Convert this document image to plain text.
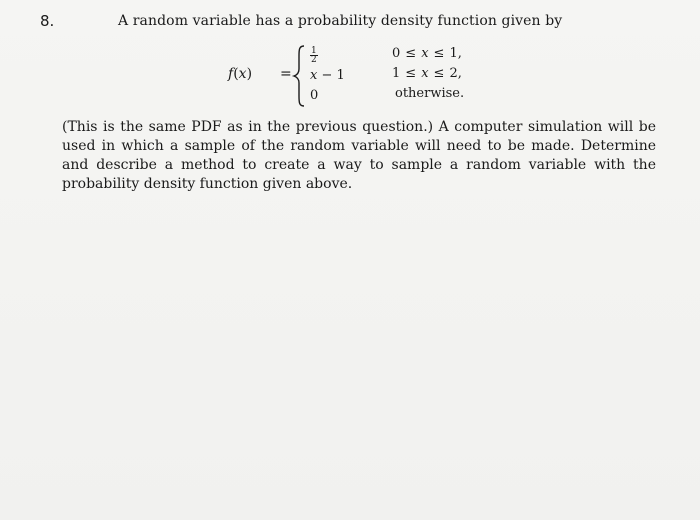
8.	A random variable has a probability density function given by
f(x) =
$\frac{1}{2}$
x − 1
0
0 ≤ x ≤ 1,
1 ≤ x ≤ 2,
otherwise.

(This is the same PDF as in the previous question.) A computer simulation will be used in which a sample of the random variable will need to be made. Determine and describe a method to create a way to sample a random variable with the probability density function given above.
